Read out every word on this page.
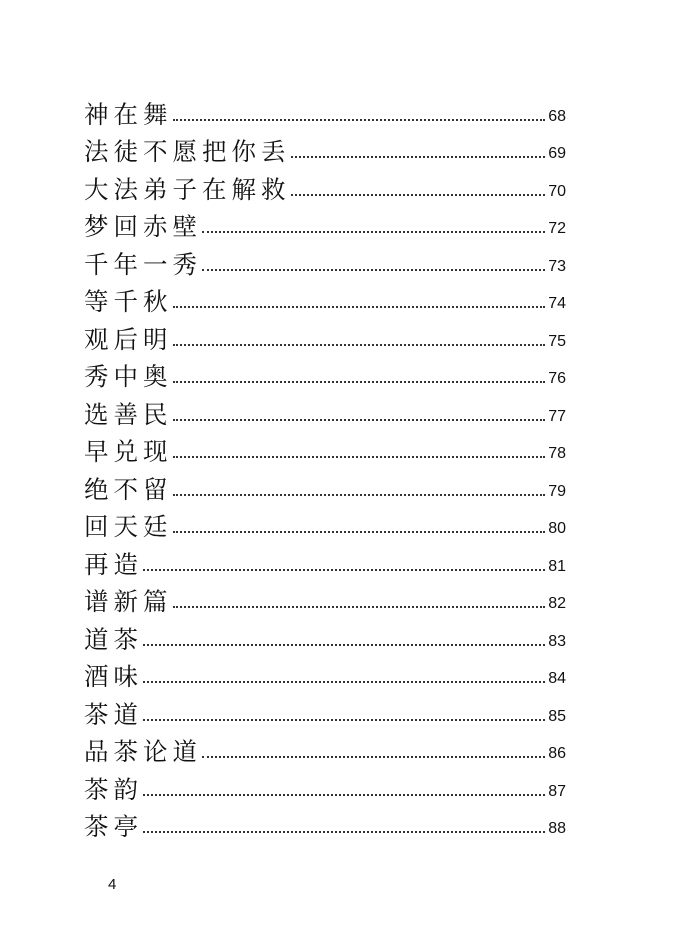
神在舞	68
法徒不愿把你丢	69
大法弟子在解救	70
梦回赤壁	72
千年一秀	73
等千秋	74
观后明	75
秀中奥	76
选善民	77
早兑现	78
绝不留	79
回天廷	80
再造	81
谱新篇	82
道茶	83
酒味	84
茶道	85
品茶论道	86
茶韵	87
茶亭	88
4
